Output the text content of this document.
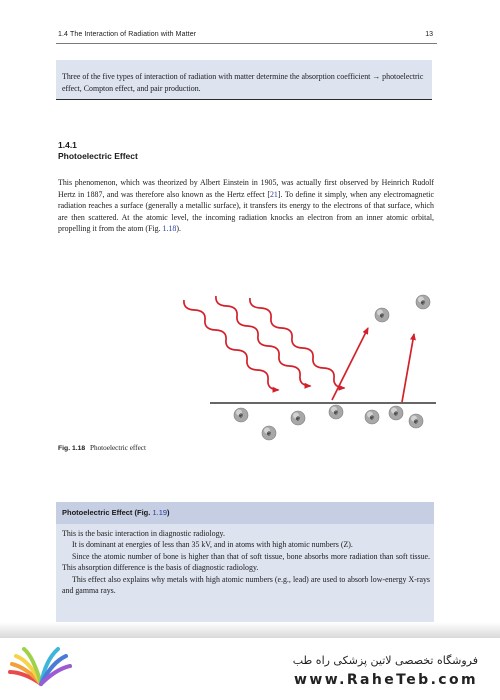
1.4 The Interaction of Radiation with Matter	13
Three of the five types of interaction of radiation with matter determine the absorption coefficient → photoelectric effect, Compton effect, and pair production.
1.4.1
Photoelectric Effect
This phenomenon, which was theorized by Albert Einstein in 1905, was actually first observed by Heinrich Rudolf Hertz in 1887, and was therefore also known as the Hertz effect [21]. To define it simply, when any electromagnetic radiation reaches a surface (generally a metallic surface), it transfers its energy to the electrons of that surface, which are then scattered. At the atomic level, the incoming radiation knocks an electron from an inner atomic orbital, propelling it from the atom (Fig. 1.18).
e
e
e
e
e
e
e
e
e
Fig. 1.18 Photoelectric effect
Photoelectric Effect (Fig. 1.19)

This is the basic interaction in diagnostic radiology.

It is dominant at energies of less than 35 kV, and in atoms with high atomic numbers (Z).

Since the atomic number of bone is higher than that of soft tissue, bone absorbs more radiation than soft tissue. This absorption difference is the basis of diagnostic radiology.

This effect also explains why metals with high atomic numbers (e.g., lead) are used to absorb low-energy X-rays and gamma rays.

فروشگاه تخصصی لاتین پزشکی راه طب
www.RaheTeb.com
